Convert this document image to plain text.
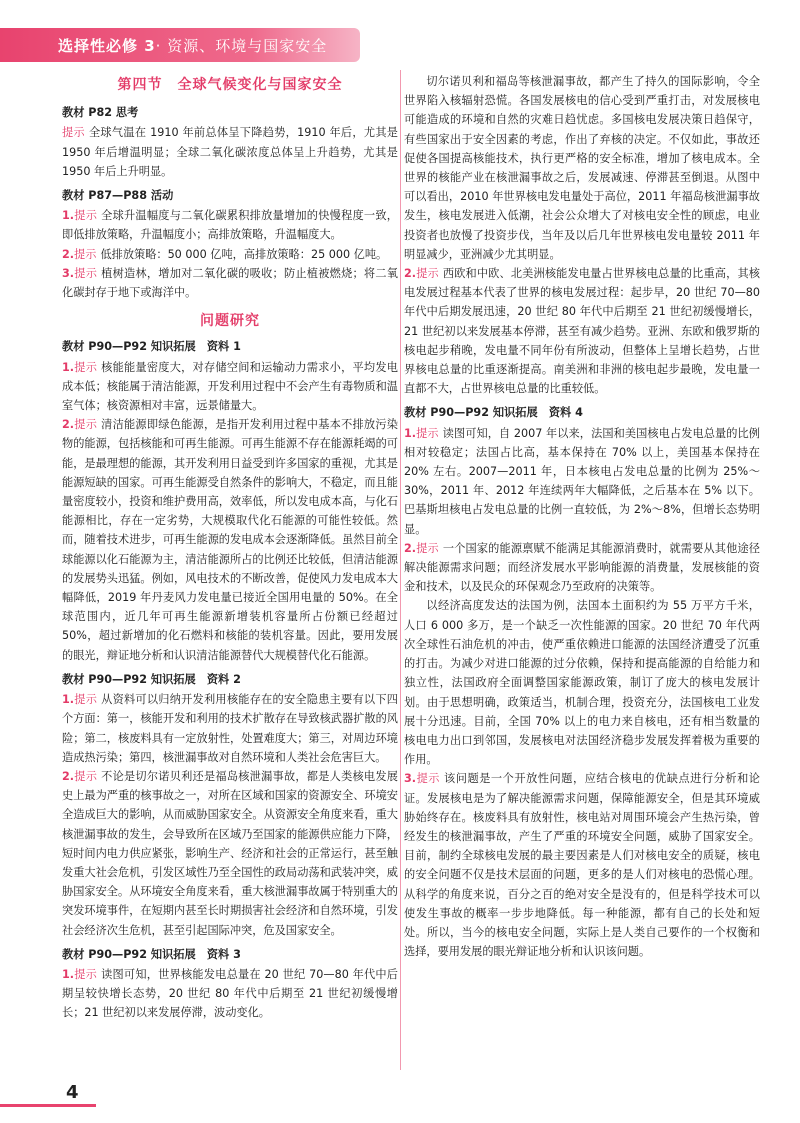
选择性必修 3· 资源、环境与国家安全
第四节　全球气候变化与国家安全
教材 P82 思考

提示 全球气温在 1910 年前总体呈下降趋势，1910 年后，尤其是 1950 年后增温明显；全球二氧化碳浓度总体呈上升趋势，尤其是 1950 年后上升明显。

教材 P87—P88 活动

1.提示 全球升温幅度与二氧化碳累积排放量增加的快慢程度一致，即低排放策略，升温幅度小；高排放策略，升温幅度大。

2.提示 低排放策略：50 000 亿吨，高排放策略：25 000 亿吨。

3.提示 植树造林，增加对二氧化碳的吸收；防止植被燃烧；将二氧化碳封存于地下或海洋中。

问题研究
教材 P90—P92 知识拓展　资料 1

1.提示 核能能量密度大，对存储空间和运输动力需求小，平均发电成本低；核能属于清洁能源，开发利用过程中不会产生有毒物质和温室气体；核资源相对丰富，远景储量大。

2.提示 清洁能源即绿色能源，是指开发利用过程中基本不排放污染物的能源，包括核能和可再生能源。可再生能源不存在能源耗竭的可能，是最理想的能源，其开发利用日益受到许多国家的重视，尤其是能源短缺的国家。可再生能源受自然条件的影响大，不稳定，而且能量密度较小，投资和维护费用高，效率低，所以发电成本高，与化石能源相比，存在一定劣势，大规模取代化石能源的可能性较低。然而，随着技术进步，可再生能源的发电成本会逐渐降低。虽然目前全球能源以化石能源为主，清洁能源所占的比例还比较低，但清洁能源的发展势头迅猛。例如，风电技术的不断改善，促使风力发电成本大幅降低，2019 年丹麦风力发电量已接近全国用电量的 50%。在全球范围内，近几年可再生能源新增装机容量所占份额已经超过 50%，超过新增加的化石燃料和核能的装机容量。因此，要用发展的眼光，辩证地分析和认识清洁能源替代大规模替代化石能源。

教材 P90—P92 知识拓展　资料 2

1.提示 从资料可以归纳开发利用核能存在的安全隐患主要有以下四个方面：第一，核能开发和利用的技术扩散存在导致核武器扩散的风险；第二，核废料具有一定放射性，处置难度大；第三，对周边环境造成热污染；第四，核泄漏事故对自然环境和人类社会危害巨大。

2.提示 不论是切尔诺贝利还是福岛核泄漏事故，都是人类核电发展史上最为严重的核事故之一，对所在区域和国家的资源安全、环境安全造成巨大的影响，从而威胁国家安全。从资源安全角度来看，重大核泄漏事故的发生，会导致所在区域乃至国家的能源供应能力下降，短时间内电力供应紧张，影响生产、经济和社会的正常运行，甚至触发重大社会危机，引发区域性乃至全国性的政局动荡和武装冲突，威胁国家安全。从环境安全角度来看，重大核泄漏事故属于特别重大的突发环境事件，在短期内甚至长时期损害社会经济和自然环境，引发社会经济次生危机，甚至引起国际冲突，危及国家安全。

教材 P90—P92 知识拓展　资料 3

1.提示 读图可知，世界核能发电总量在 20 世纪 70—80 年代中后期呈较快增长态势，20 世纪 80 年代中后期至 21 世纪初缓慢增长；21 世纪初以来发展停滞，波动变化。

切尔诺贝利和福岛等核泄漏事故，都产生了持久的国际影响，令全世界陷入核辐射恐慌。各国发展核电的信心受到严重打击，对发展核电可能造成的环境和自然的灾难日趋忧虑。多国核电发展决策日趋保守，有些国家出于安全因素的考虑，作出了弃核的决定。不仅如此，事故还促使各国提高核能技术，执行更严格的安全标准，增加了核电成本。全世界的核能产业在核泄漏事故之后，发展减速、停滞甚至倒退。从图中可以看出，2010 年世界核电发电量处于高位，2011 年福岛核泄漏事故发生，核电发展进入低潮，社会公众增大了对核电安全性的顾虑，电业投资者也放慢了投资步伐，当年及以后几年世界核电发电量较 2011 年明显减少，亚洲减少尤其明显。

2.提示 西欧和中欧、北美洲核能发电量占世界核电总量的比重高，其核电发展过程基本代表了世界的核电发展过程：起步早，20 世纪 70—80 年代中后期发展迅速，20 世纪 80 年代中后期至 21 世纪初缓慢增长，21 世纪初以来发展基本停滞，甚至有减少趋势。亚洲、东欧和俄罗斯的核电起步稍晚，发电量不同年份有所波动，但整体上呈增长趋势，占世界核电总量的比重逐渐提高。南美洲和非洲的核电起步最晚，发电量一直都不大，占世界核电总量的比重较低。

教材 P90—P92 知识拓展　资料 4

1.提示 读图可知，自 2007 年以来，法国和美国核电占发电总量的比例相对较稳定；法国占比高，基本保持在 70% 以上，美国基本保持在 20% 左右。2007—2011 年，日本核电占发电总量的比例为 25%～30%，2011 年、2012 年连续两年大幅降低，之后基本在 5% 以下。巴基斯坦核电占发电总量的比例一直较低，为 2%～8%，但增长态势明显。

2.提示 一个国家的能源禀赋不能满足其能源消费时，就需要从其他途径解决能源需求问题；而经济发展水平影响能源的消费量，发展核能的资金和技术，以及民众的环保观念乃至政府的决策等。

以经济高度发达的法国为例，法国本土面积约为 55 万平方千米，人口 6 000 多万，是一个缺乏一次性能源的国家。20 世纪 70 年代两次全球性石油危机的冲击，使严重依赖进口能源的法国经济遭受了沉重的打击。为减少对进口能源的过分依赖，保持和提高能源的自给能力和独立性，法国政府全面调整国家能源政策，制订了庞大的核电发展计划。由于思想明确，政策适当，机制合理，投资充分，法国核电工业发展十分迅速。目前，全国 70% 以上的电力来自核电，还有相当数量的核电电力出口到邻国，发展核电对法国经济稳步发展发挥着极为重要的作用。

3.提示 该问题是一个开放性问题，应结合核电的优缺点进行分析和论证。发展核电是为了解决能源需求问题，保障能源安全，但是其环境威胁始终存在。核废料具有放射性，核电站对周围环境会产生热污染，曾经发生的核泄漏事故，产生了严重的环境安全问题，威胁了国家安全。目前，制约全球核电发展的最主要因素是人们对核电安全的质疑，核电的安全问题不仅是技术层面的问题，更多的是人们对核电的恐慌心理。从科学的角度来说，百分之百的绝对安全是没有的，但是科学技术可以使发生事故的概率一步步地降低。每一种能源，都有自己的长处和短处。所以，当今的核电安全问题，实际上是人类自己要作的一个权衡和选择，要用发展的眼光辩证地分析和认识该问题。

4
